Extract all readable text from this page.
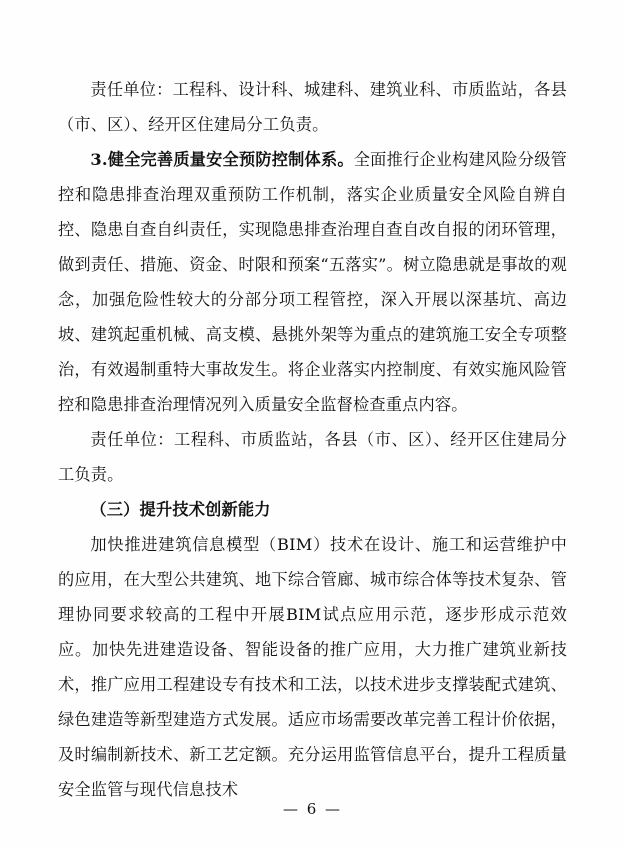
责任单位：工程科、设计科、城建科、建筑业科、市质监站，各县（市、区）、经开区住建局分工负责。

3.健全完善质量安全预防控制体系。全面推行企业构建风险分级管控和隐患排查治理双重预防工作机制，落实企业质量安全风险自辨自控、隐患自查自纠责任，实现隐患排查治理自查自改自报的闭环管理，做到责任、措施、资金、时限和预案“五落实”。树立隐患就是事故的观念，加强危险性较大的分部分项工程管控，深入开展以深基坑、高边坡、建筑起重机械、高支模、悬挑外架等为重点的建筑施工安全专项整治，有效遏制重特大事故发生。将企业落实内控制度、有效实施风险管控和隐患排查治理情况列入质量安全监督检查重点内容。

责任单位：工程科、市质监站，各县（市、区）、经开区住建局分工负责。

（三）提升技术创新能力

加快推进建筑信息模型（BIM）技术在设计、施工和运营维护中的应用，在大型公共建筑、地下综合管廊、城市综合体等技术复杂、管理协同要求较高的工程中开展BIM试点应用示范，逐步形成示范效应。加快先进建造设备、智能设备的推广应用，大力推广建筑业新技术，推广应用工程建设专有技术和工法，以技术进步支撑装配式建筑、绿色建造等新型建造方式发展。适应市场需要改革完善工程计价依据，及时编制新技术、新工艺定额。充分运用监管信息平台，提升工程质量安全监管与现代信息技术

— 6 —
